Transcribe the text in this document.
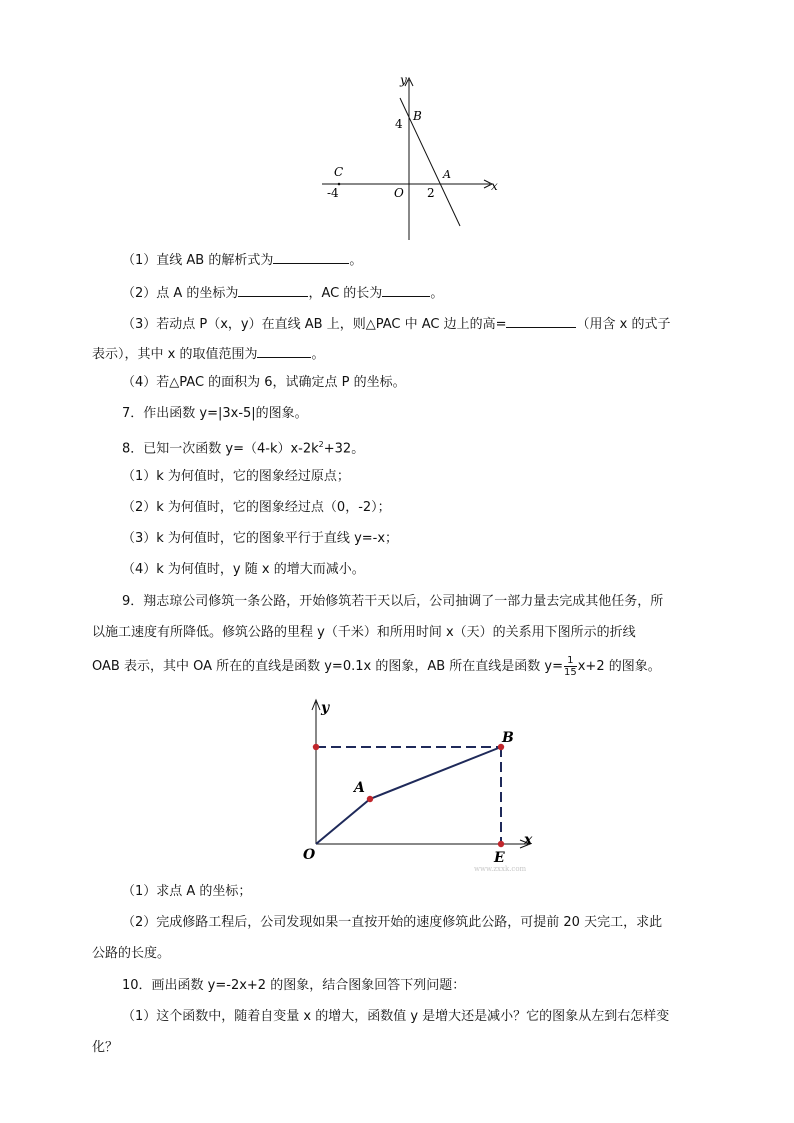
y
x
B
4
C	A
-4	O 2
（1）直线 AB 的解析式为	。
（2）点 A 的坐标为	，AC 的长为	。
（3）若动点 P（x，y）在直线 AB 上，则△PAC 中 AC 边上的高=	（用含 x 的式子
表示），其中 x 的取值范围为	。
（4）若△PAC 的面积为 6，试确定点 P 的坐标。
7．作出函数 y=|3x-5|的图象。
8．已知一次函数 $y=(4-k)x-2k^2+32$。
（1）k 为何值时，它的图象经过原点；
（2）k 为何值时，它的图象经过点（0，-2）；
（3）k 为何值时，它的图象平行于直线 y=-x；
（4）k 为何值时，y 随 x 的增大而减小。
9．翔志琼公司修筑一条公路，开始修筑若干天以后，公司抽调了一部力量去完成其他任务，所
以施工速度有所降低。修筑公路的里程 y（千米）和所用时间 x（天）的关系用下图所示的折线
OAB 表示，其中 OA 所在的直线是函数 y=0.1x 的图象，AB 所在直线是函数 $y= \frac{1}{15} x+2$ 的图象。
y
x
B
A
O	E
www.zxxk.com
（1）求点 A 的坐标；
（2）完成修路工程后，公司发现如果一直按开始的速度修筑此公路，可提前 20 天完工，求此
公路的长度。
10．画出函数 y=-2x+2 的图象，结合图象回答下列问题：
（1）这个函数中，随着自变量 x 的增大，函数值 y 是增大还是减小？它的图象从左到右怎样变
化？
